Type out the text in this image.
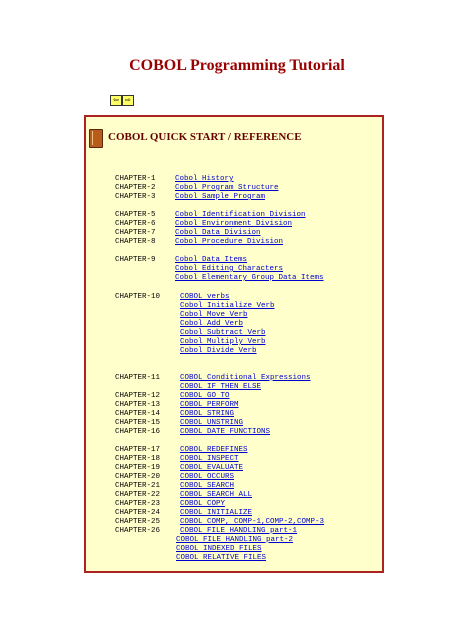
COBOL Programming Tutorial
⇦ ⇨
COBOL QUICK START / REFERENCE
CHAPTER-1	Cobol History
CHAPTER-2	Cobol Program Structure
CHAPTER-3	Cobol Sample Program
CHAPTER-5	Cobol Identification Division
CHAPTER-6	Cobol Environment Division
CHAPTER-7	Cobol Data Division
CHAPTER-8	Cobol Procedure Division
CHAPTER-9	Cobol Data Items
Cobol Editing Characters
Cobol Elementary Group Data Items
CHAPTER-10	COBOL verbs
Cobol Initialize Verb
Cobol Move Verb
Cobol Add Verb
Cobol Subtract Verb
Cobol Multiply Verb
Cobol Divide Verb
CHAPTER-11	COBOL Conditional Expressions
COBOL IF THEN ELSE
CHAPTER-12	COBOL GO TO
CHAPTER-13	COBOL PERFORM
CHAPTER-14	COBOL STRING
CHAPTER-15	COBOL UNSTRING
CHAPTER-16	COBOL DATE FUNCTIONS
CHAPTER-17	COBOL REDEFINES
CHAPTER-18	COBOL INSPECT
CHAPTER-19	COBOL EVALUATE
CHAPTER-20	COBOL OCCURS
CHAPTER-21	COBOL SEARCH
CHAPTER-22	COBOL SEARCH ALL
CHAPTER-23	COBOL COPY
CHAPTER-24	COBOL INITIALIZE
CHAPTER-25	COBOL COMP, COMP-1,COMP-2,COMP-3
CHAPTER-26	COBOL FILE HANDLING part-1
COBOL FILE HANDLING part-2
COBOL INDEXED FILES
COBOL RELATIVE FILES
